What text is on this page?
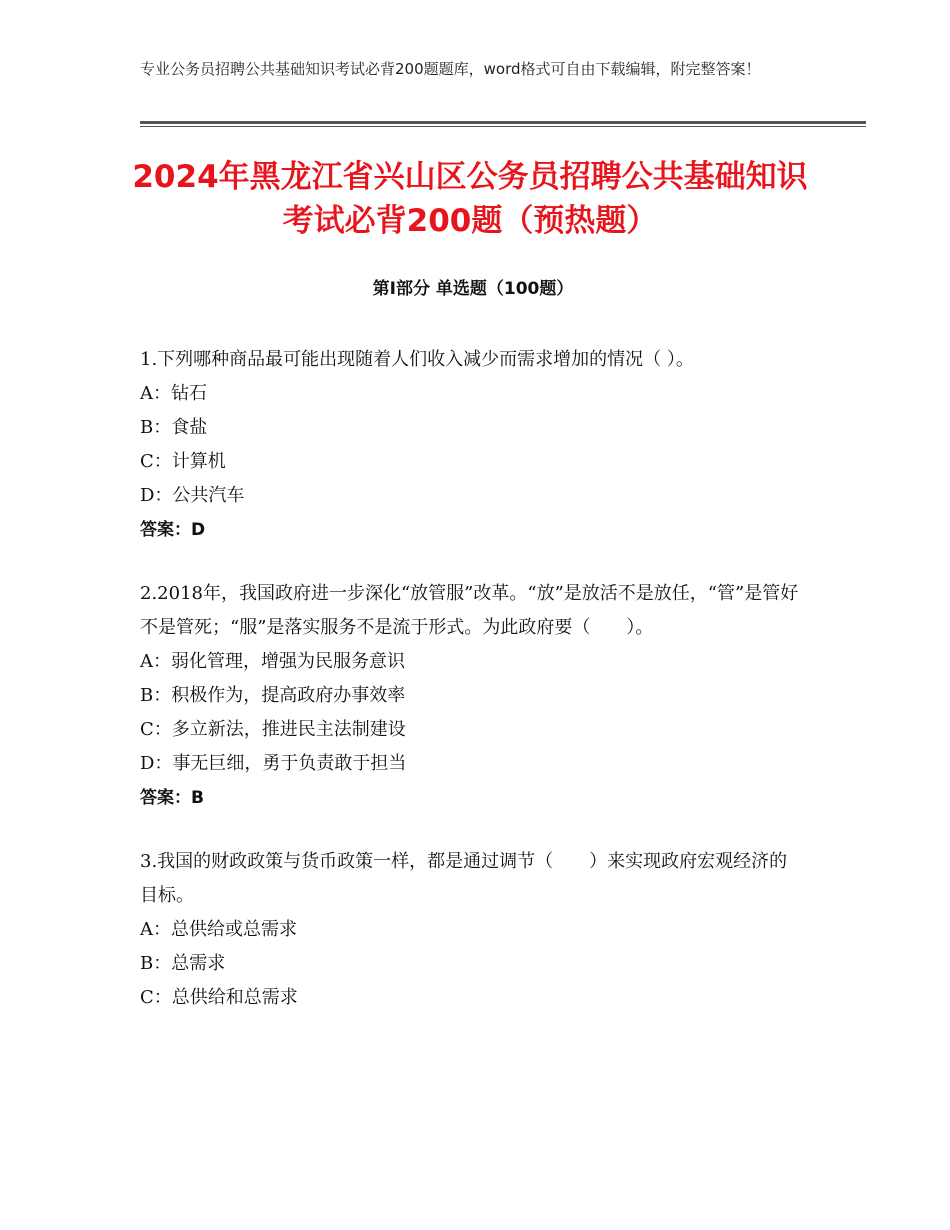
专业公务员招聘公共基础知识考试必背200题题库，word格式可自由下载编辑，附完整答案！
2024年黑龙江省兴山区公务员招聘公共基础知识考试必背200题（预热题）
第Ⅰ部分 单选题（100题）

1.下列哪种商品最可能出现随着人们收入减少而需求增加的情况（ ）。

A：钻石

B：食盐

C：计算机

D：公共汽车

答案：D

2.2018年，我国政府进一步深化“放管服”改革。“放”是放活不是放任，“管”是管好不是管死；“服”是落实服务不是流于形式。为此政府要（　　）。

A：弱化管理，增强为民服务意识

B：积极作为，提高政府办事效率

C：多立新法，推进民主法制建设

D：事无巨细，勇于负责敢于担当

答案：B

3.我国的财政政策与货币政策一样，都是通过调节（　　）来实现政府宏观经济的目标。

A：总供给或总需求

B：总需求

C：总供给和总需求
